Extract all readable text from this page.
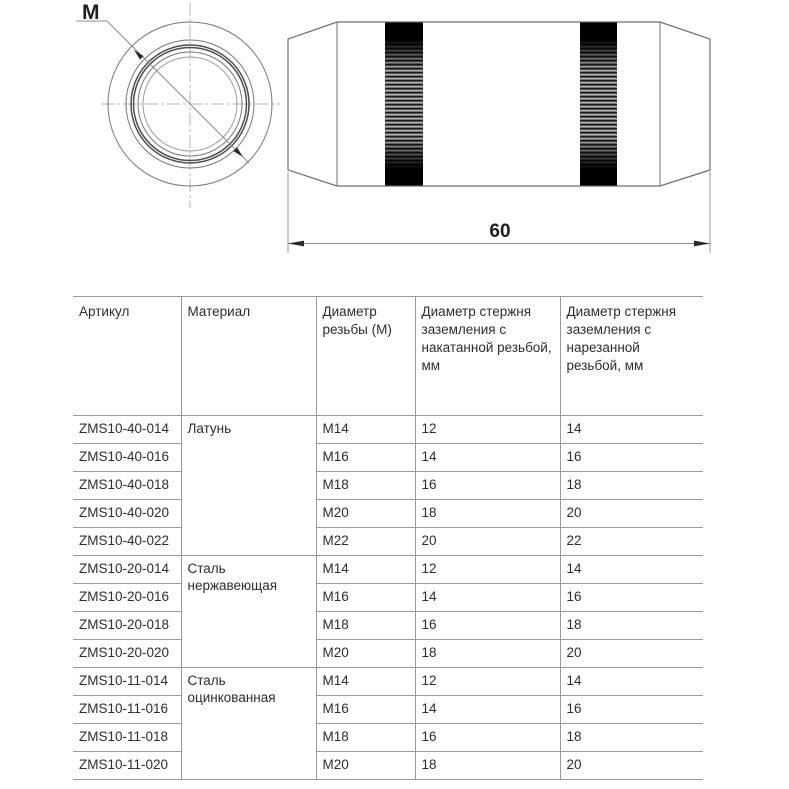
M
60
Артикул	Материал	Диаметр резьбы (М)	Диаметр стержня заземления с накатанной резьбой, мм	Диаметр стержня заземления с нарезанной резьбой, мм
ZMS10-40-014	Латунь	М14	12	14
ZMS10-40-016		М16	14	16
ZMS10-40-018		М18	16	18
ZMS10-40-020		М20	18	20
ZMS10-40-022		М22	20	22
ZMS10-20-014	Сталь нержавеющая	М14	12	14
ZMS10-20-016		М16	14	16
ZMS10-20-018		М18	16	18
ZMS10-20-020		М20	18	20
ZMS10-11-014	Сталь оцинкованная	М14	12	14
ZMS10-11-016		М16	14	16
ZMS10-11-018		М18	16	18
ZMS10-11-020		М20	18	20
